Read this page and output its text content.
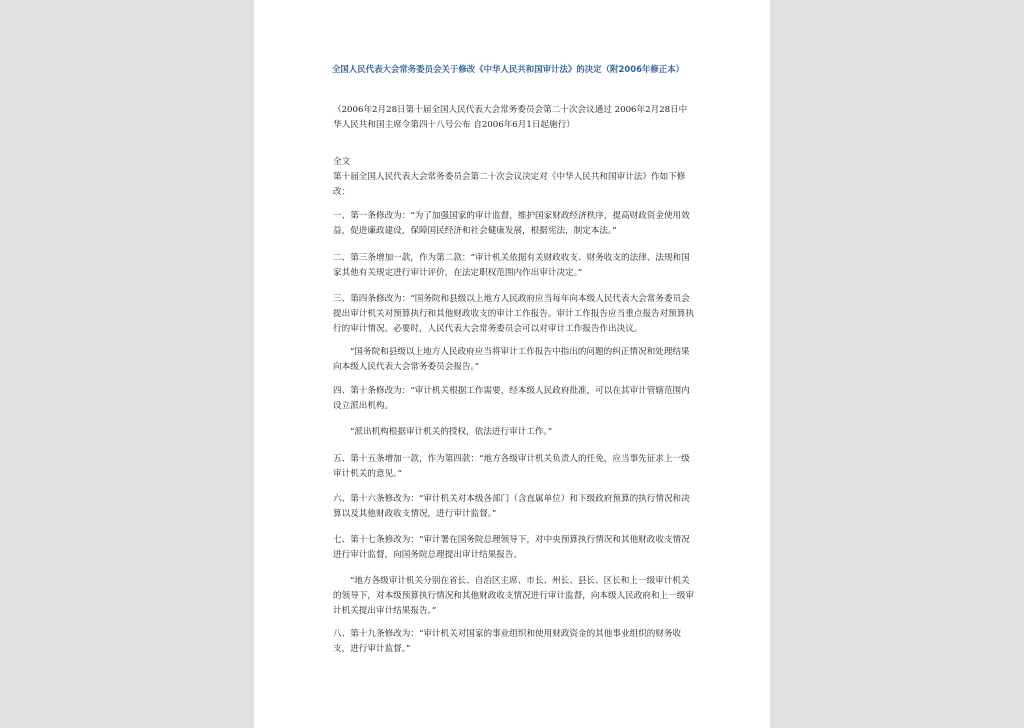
全国人民代表大会常务委员会关于修改《中华人民共和国审计法》的决定（附2006年修正本）
（2006年2月28日第十届全国人民代表大会常务委员会第二十次会议通过 2006年2月28日中华人民共和国主席令第四十八号公布 自2006年6月1日起施行）
全文
第十届全国人民代表大会常务委员会第二十次会议决定对《中华人民共和国审计法》作如下修改：
一、第一条修改为：“为了加强国家的审计监督，维护国家财政经济秩序，提高财政资金使用效益，促进廉政建设，保障国民经济和社会健康发展，根据宪法，制定本法。”
二、第三条增加一款，作为第二款：“审计机关依据有关财政收支、财务收支的法律、法规和国家其他有关规定进行审计评价，在法定职权范围内作出审计决定。”
三、第四条修改为：“国务院和县级以上地方人民政府应当每年向本级人民代表大会常务委员会提出审计机关对预算执行和其他财政收支的审计工作报告。审计工作报告应当重点报告对预算执行的审计情况。必要时，人民代表大会常务委员会可以对审计工作报告作出决议。
“国务院和县级以上地方人民政府应当将审计工作报告中指出的问题的纠正情况和处理结果向本级人民代表大会常务委员会报告。”
四、第十条修改为：“审计机关根据工作需要，经本级人民政府批准，可以在其审计管辖范围内设立派出机构。
“派出机构根据审计机关的授权，依法进行审计工作。”
五、第十五条增加一款，作为第四款：“地方各级审计机关负责人的任免，应当事先征求上一级审计机关的意见。”
六、第十六条修改为：“审计机关对本级各部门（含直属单位）和下级政府预算的执行情况和决算以及其他财政收支情况，进行审计监督。”
七、第十七条修改为：“审计署在国务院总理领导下，对中央预算执行情况和其他财政收支情况进行审计监督，向国务院总理提出审计结果报告。
“地方各级审计机关分别在省长、自治区主席、市长、州长、县长、区长和上一级审计机关的领导下，对本级预算执行情况和其他财政收支情况进行审计监督，向本级人民政府和上一级审计机关提出审计结果报告。”
八、第十九条修改为：“审计机关对国家的事业组织和使用财政资金的其他事业组织的财务收支，进行审计监督。”
